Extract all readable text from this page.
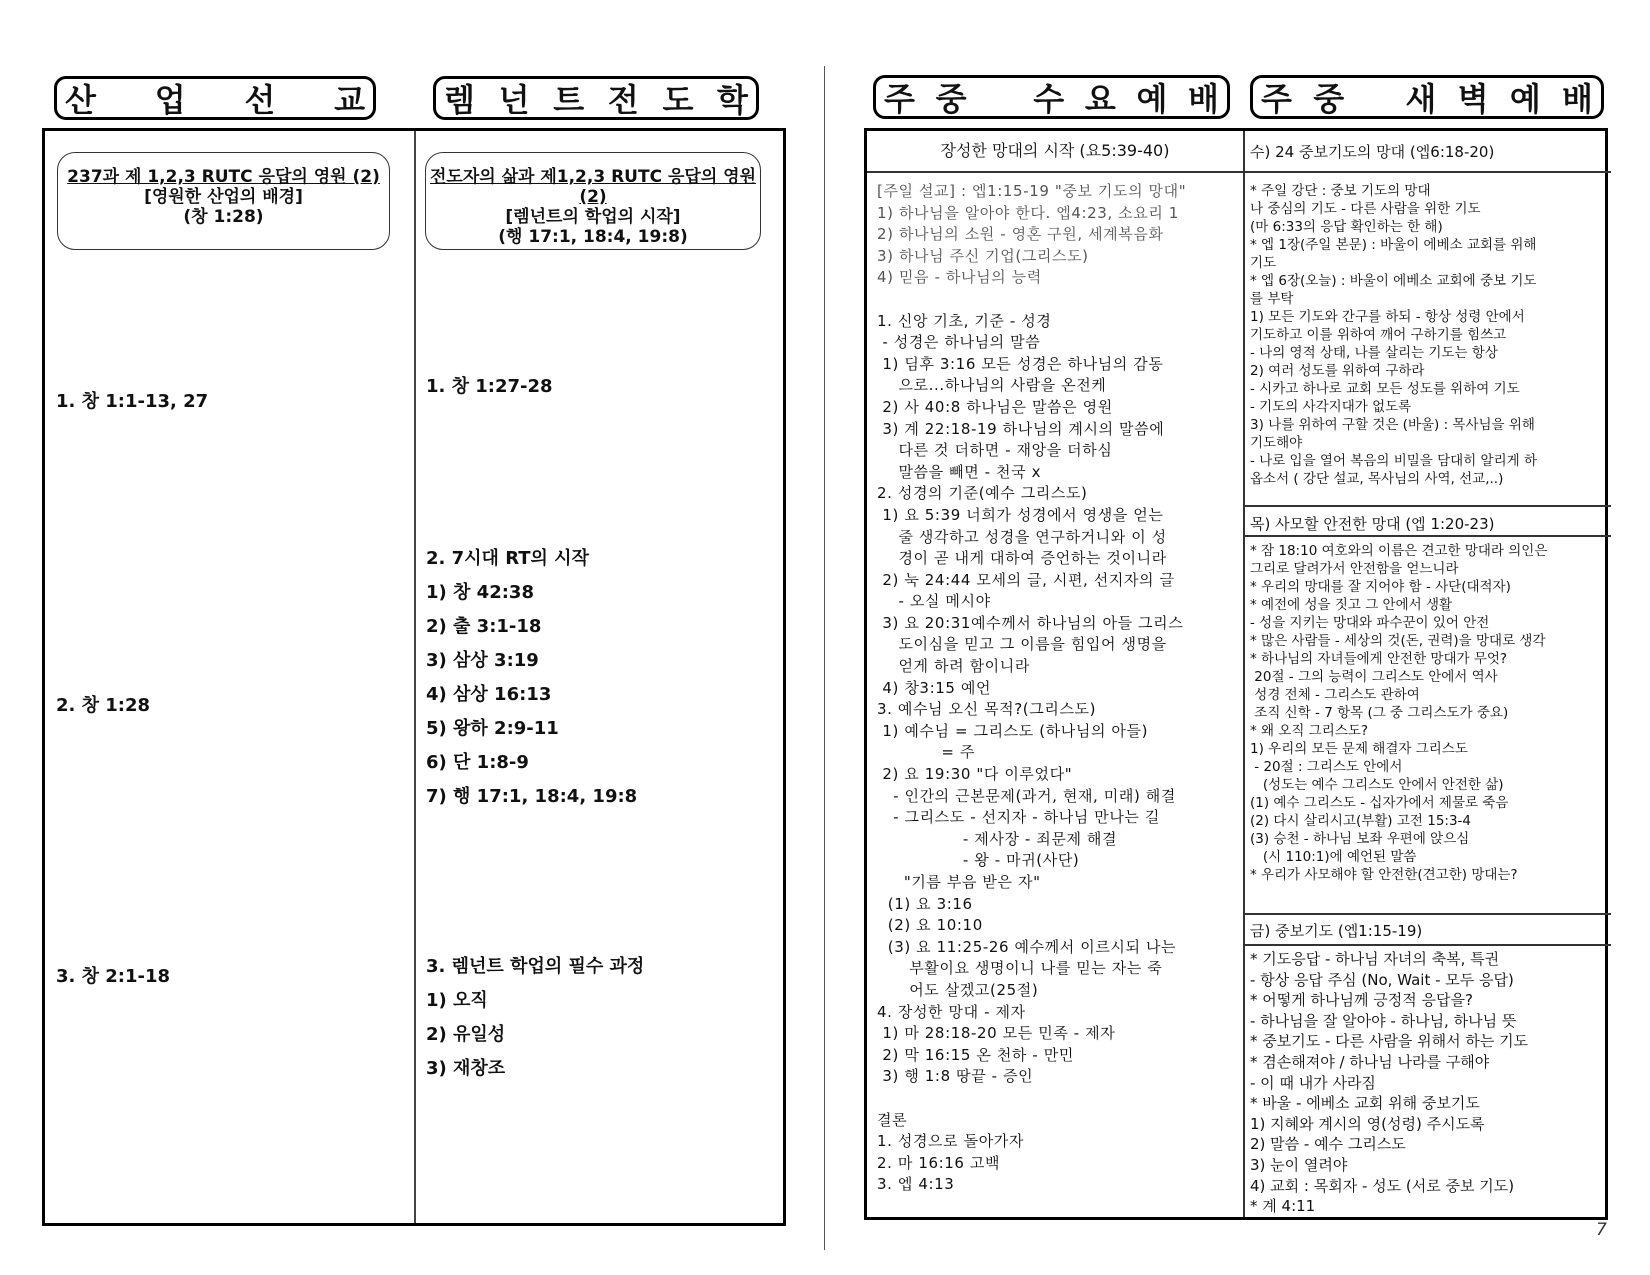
산 업 선 교 렘 넌 트 전 도 학	주 중 수 요 예 배 주 중 새 벽 예 배
237과 제 1,2,3 RUTC 응답의 영원 (2)
[영원한 산업의 배경]
(창 1:28)
전도자의 삶과 제1,2,3 RUTC 응답의 영원 (2)
[렘넌트의 학업의 시작]
(행 17:1, 18:4, 19:8)
1. 창 1:1-13, 27
2. 창 1:28
3. 창 2:1-18
1. 창 1:27-28
2. 7시대 RT의 시작
1) 창 42:38
2) 출 3:1-18
3) 삼상 3:19
4) 삼상 16:13
5) 왕하 2:9-11
6) 단 1:8-9
7) 행 17:1, 18:4, 19:8
3. 렘넌트 학업의 필수 과정
1) 오직
2) 유일성
3) 재창조
장성한 망대의 시작 (요5:39-40)
[주일 설교] : 엡1:15-19 "중보 기도의 망대"
1) 하나님을 알아야 한다. 엡4:23, 소요리 1
2) 하나님의 소원 - 영혼 구원, 세계복음화
3) 하나님 주신 기업(그리스도)
4) 믿음 - 하나님의 능력
1. 신앙 기초, 기준 - 성경
- 성경은 하나님의 말씀
1) 딤후 3:16 모든 성경은 하나님의 감동
으로...하나님의 사람을 온전케
2) 사 40:8 하나님은 말씀은 영원
3) 계 22:18-19 하나님의 계시의 말씀에
다른 것 더하면 - 재앙을 더하심
말씀을 빼면 - 천국 x
2. 성경의 기준(예수 그리스도)
1) 요 5:39 너희가 성경에서 영생을 얻는
줄 생각하고 성경을 연구하거니와 이 성
경이 곧 내게 대하여 증언하는 것이니라
2) 눅 24:44 모세의 글, 시편, 선지자의 글
- 오실 메시야
3) 요 20:31예수께서 하나님의 아들 그리스
도이심을 믿고 그 이름을 힘입어 생명을
얻게 하려 함이니라
4) 창3:15 예언
3. 예수님 오신 목적?(그리스도)
1) 예수님 = 그리스도 (하나님의 아들)
= 주
2) 요 19:30 "다 이루었다"
- 인간의 근본문제(과거, 현재, 미래) 해결
- 그리스도 - 선지자 - 하나님 만나는 길
- 제사장 - 죄문제 해결
- 왕 - 마귀(사단)
"기름 부음 받은 자"
(1) 요 3:16
(2) 요 10:10
(3) 요 11:25-26 예수께서 이르시되 나는
부활이요 생명이니 나를 믿는 자는 죽
어도 살겠고(25절)
4. 장성한 망대 - 제자
1) 마 28:18-20 모든 민족 - 제자
2) 막 16:15 온 천하 - 만민
3) 행 1:8 땅끝 - 증인
결론
1. 성경으로 돌아가자
2. 마 16:16 고백
3. 엡 4:13
수) 24 중보기도의 망대 (엡6:18-20)
* 주일 강단 : 중보 기도의 망대
나 중심의 기도 - 다른 사람을 위한 기도
(마 6:33의 응답 확인하는 한 해)
* 엡 1장(주일 본문) : 바울이 에베소 교회를 위해
기도
* 엡 6장(오늘) : 바울이 에베소 교회에 중보 기도
를 부탁
1) 모든 기도와 간구를 하되 - 항상 성령 안에서
기도하고 이를 위하여 깨어 구하기를 힘쓰고
- 나의 영적 상태, 나를 살리는 기도는 항상
2) 여러 성도를 위하여 구하라
- 시카고 하나로 교회 모든 성도를 위하여 기도
- 기도의 사각지대가 없도록
3) 나를 위하여 구할 것은 (바울) : 목사님을 위해
기도해야
- 나로 입을 열어 복음의 비밀을 담대히 알리게 하
옵소서 ( 강단 설교, 목사님의 사역, 선교,..)
목) 사모할 안전한 망대 (엡 1:20-23)
* 잠 18:10 여호와의 이름은 견고한 망대라 의인은
그리로 달려가서 안전함을 얻느니라
* 우리의 망대를 잘 지어야 함 - 사단(대적자)
* 예전에 성을 짓고 그 안에서 생활
- 성을 지키는 망대와 파수꾼이 있어 안전
* 많은 사람들 - 세상의 것(돈, 권력)을 망대로 생각
* 하나님의 자녀들에게 안전한 망대가 무엇?
20절 - 그의 능력이 그리스도 안에서 역사
성경 전체 - 그리스도 관하여
조직 신학 - 7 항목 (그 중 그리스도가 중요)
* 왜 오직 그리스도?
1) 우리의 모든 문제 해결자 그리스도
- 20절 : 그리스도 안에서
(성도는 예수 그리스도 안에서 안전한 삶)
(1) 예수 그리스도 - 십자가에서 제물로 죽음
(2) 다시 살리시고(부활) 고전 15:3-4
(3) 승천 - 하나님 보좌 우편에 앉으심
(시 110:1)에 예언된 말씀
* 우리가 사모해야 할 안전한(견고한) 망대는?
금) 중보기도 (엡1:15-19)
* 기도응답 - 하나님 자녀의 축복, 특권
- 항상 응답 주심 (No, Wait - 모두 응답)
* 어떻게 하나님께 긍정적 응답을?
- 하나님을 잘 알아야 - 하나님, 하나님 뜻
* 중보기도 - 다른 사람을 위해서 하는 기도
* 겸손해져야 / 하나님 나라를 구해야
- 이 때 내가 사라짐
* 바울 - 에베소 교회 위해 중보기도
1) 지혜와 계시의 영(성령) 주시도록
2) 말씀 - 예수 그리스도
3) 눈이 열려야
4) 교회 : 목회자 - 성도 (서로 중보 기도)
* 계 4:11
7
